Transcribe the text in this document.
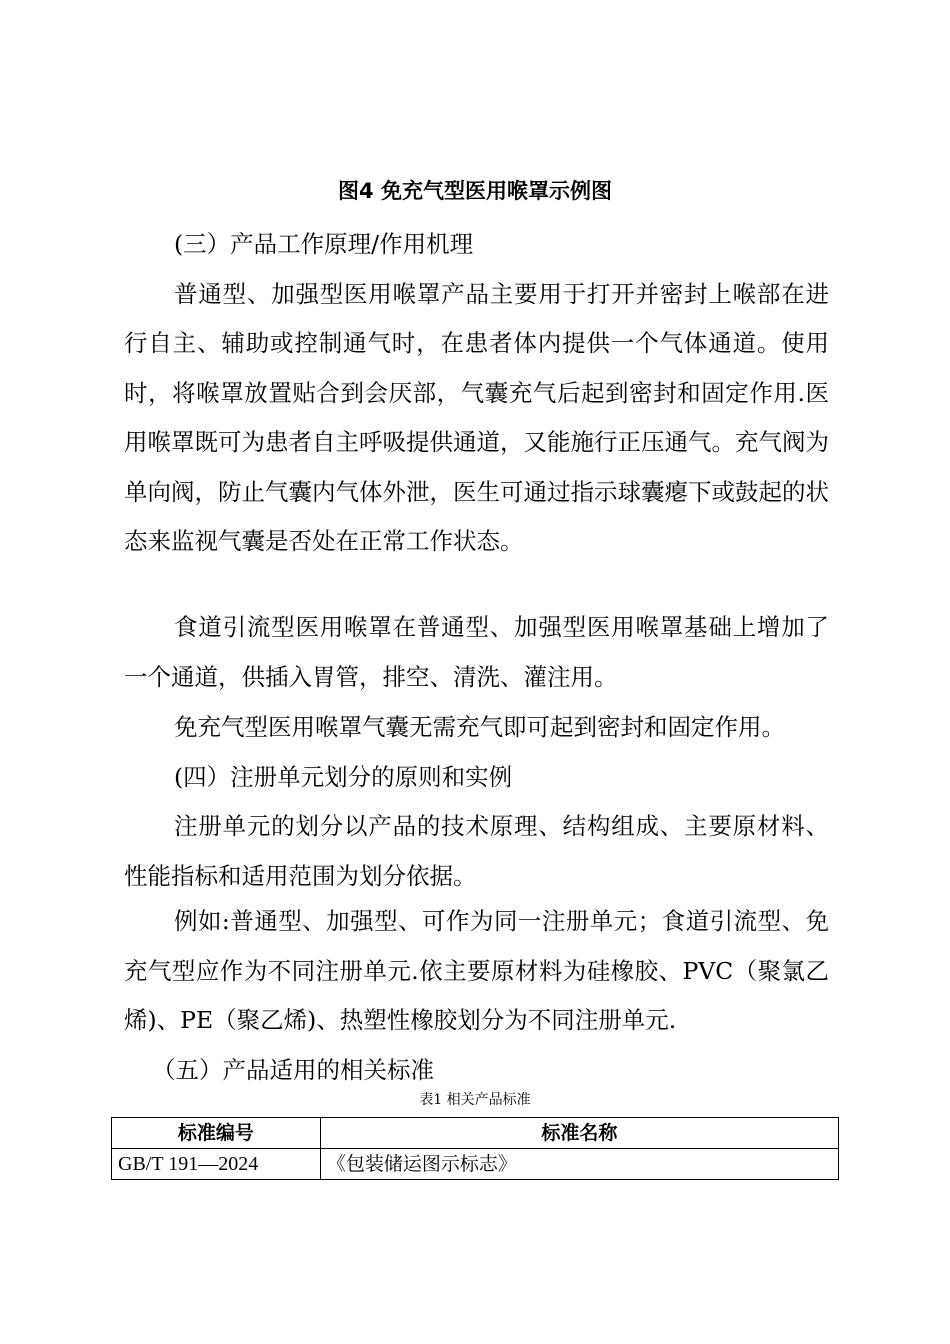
图4 免充气型医用喉罩示例图

(三）产品工作原理/作用机理

普通型、加强型医用喉罩产品主要用于打开并密封上喉部在进行自主、辅助或控制通气时，在患者体内提供一个气体通道。使用时，将喉罩放置贴合到会厌部，气囊充气后起到密封和固定作用.医用喉罩既可为患者自主呼吸提供通道，又能施行正压通气。充气阀为单向阀，防止气囊内气体外泄，医生可通过指示球囊瘪下或鼓起的状态来监视气囊是否处在正常工作状态。

食道引流型医用喉罩在普通型、加强型医用喉罩基础上增加了一个通道，供插入胃管，排空、清洗、灌注用。

免充气型医用喉罩气囊无需充气即可起到密封和固定作用。

(四）注册单元划分的原则和实例

注册单元的划分以产品的技术原理、结构组成、主要原材料、性能指标和适用范围为划分依据。

例如:普通型、加强型、可作为同一注册单元；食道引流型、免充气型应作为不同注册单元.依主要原材料为硅橡胶、PVC（聚氯乙烯)、PE（聚乙烯)、热塑性橡胶划分为不同注册单元.

（五）产品适用的相关标准

表1 相关产品标准
标准编号	标准名称
GB/T 191—2024	《包装储运图示标志》
